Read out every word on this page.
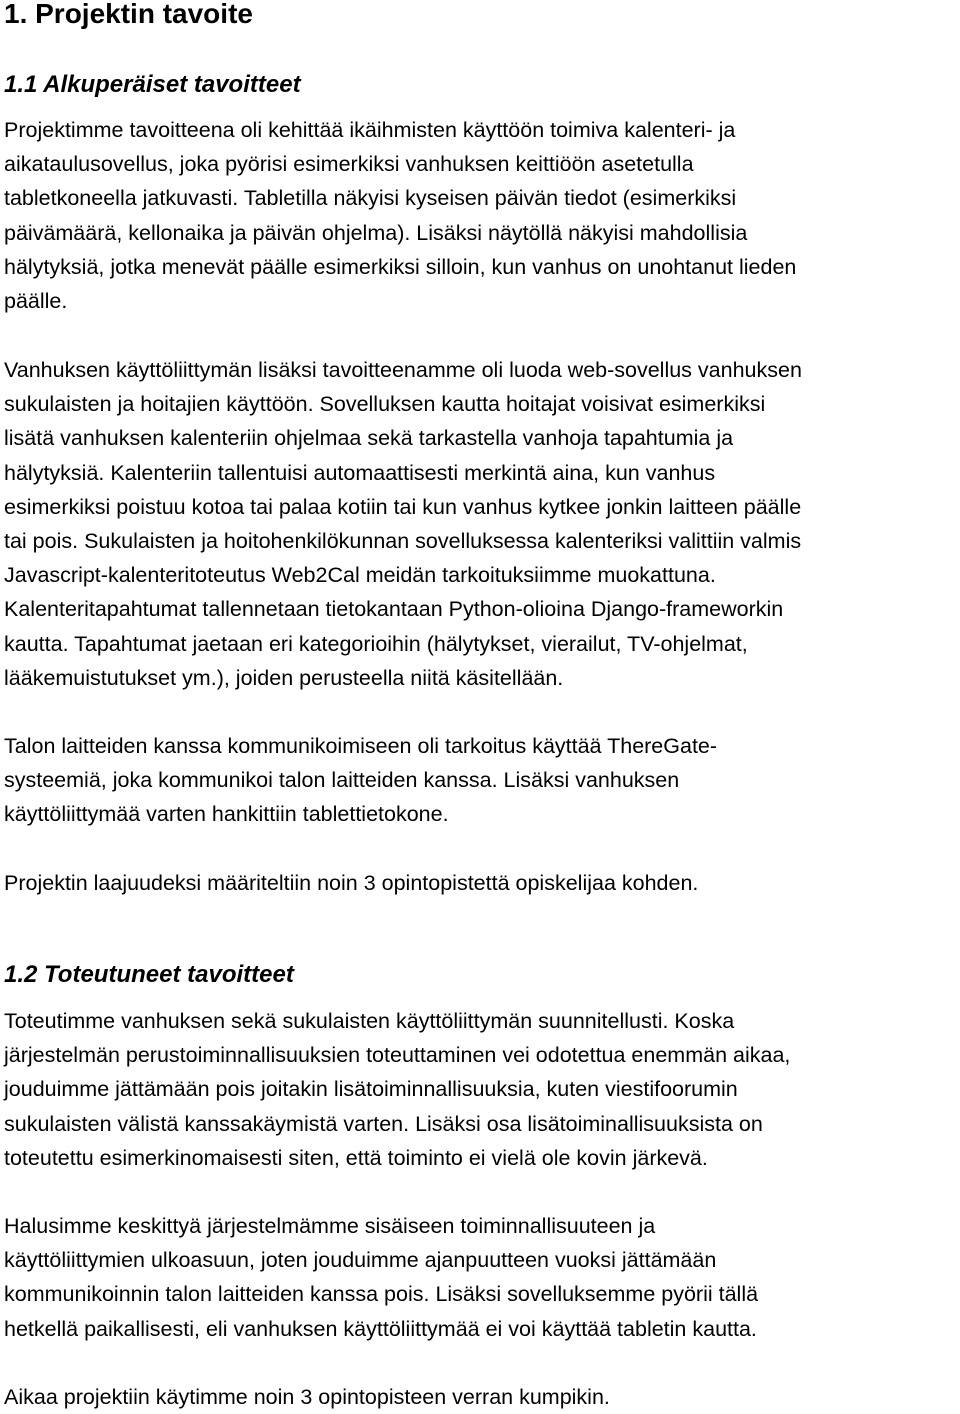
1. Projektin tavoite
1.1 Alkuperäiset tavoitteet

Projektimme tavoitteena oli kehittää ikäihmisten käyttöön toimiva kalenteri- ja
aikataulusovellus, joka pyörisi esimerkiksi vanhuksen keittiöön asetetulla
tabletkoneella jatkuvasti. Tabletilla näkyisi kyseisen päivän tiedot (esimerkiksi
päivämäärä, kellonaika ja päivän ohjelma). Lisäksi näytöllä näkyisi mahdollisia
hälytyksiä, jotka menevät päälle esimerkiksi silloin, kun vanhus on unohtanut lieden
päälle.

Vanhuksen käyttöliittymän lisäksi tavoitteenamme oli luoda web-sovellus vanhuksen
sukulaisten ja hoitajien käyttöön. Sovelluksen kautta hoitajat voisivat esimerkiksi
lisätä vanhuksen kalenteriin ohjelmaa sekä tarkastella vanhoja tapahtumia ja
hälytyksiä. Kalenteriin tallentuisi automaattisesti merkintä aina, kun vanhus
esimerkiksi poistuu kotoa tai palaa kotiin tai kun vanhus kytkee jonkin laitteen päälle
tai pois. Sukulaisten ja hoitohenkilökunnan sovelluksessa kalenteriksi valittiin valmis
Javascript-kalenteritoteutus Web2Cal meidän tarkoituksiimme muokattuna.
Kalenteritapahtumat tallennetaan tietokantaan Python-olioina Django-frameworkin
kautta. Tapahtumat jaetaan eri kategorioihin (hälytykset, vierailut, TV-ohjelmat,
lääkemuistutukset ym.), joiden perusteella niitä käsitellään.

Talon laitteiden kanssa kommunikoimiseen oli tarkoitus käyttää ThereGate-
systeemiä, joka kommunikoi talon laitteiden kanssa. Lisäksi vanhuksen
käyttöliittymää varten hankittiin tablettietokone.

Projektin laajuudeksi määriteltiin noin 3 opintopistettä opiskelijaa kohden.

1.2 Toteutuneet tavoitteet

Toteutimme vanhuksen sekä sukulaisten käyttöliittymän suunnitellusti. Koska
järjestelmän perustoiminnallisuuksien toteuttaminen vei odotettua enemmän aikaa,
jouduimme jättämään pois joitakin lisätoiminnallisuuksia, kuten viestifoorumin
sukulaisten välistä kanssakäymistä varten. Lisäksi osa lisätoiminallisuuksista on
toteutettu esimerkinomaisesti siten, että toiminto ei vielä ole kovin järkevä.

Halusimme keskittyä järjestelmämme sisäiseen toiminnallisuuteen ja
käyttöliittymien ulkoasuun, joten jouduimme ajanpuutteen vuoksi jättämään
kommunikoinnin talon laitteiden kanssa pois. Lisäksi sovelluksemme pyörii tällä
hetkellä paikallisesti, eli vanhuksen käyttöliittymää ei voi käyttää tabletin kautta.

Aikaa projektiin käytimme noin 3 opintopisteen verran kumpikin.
